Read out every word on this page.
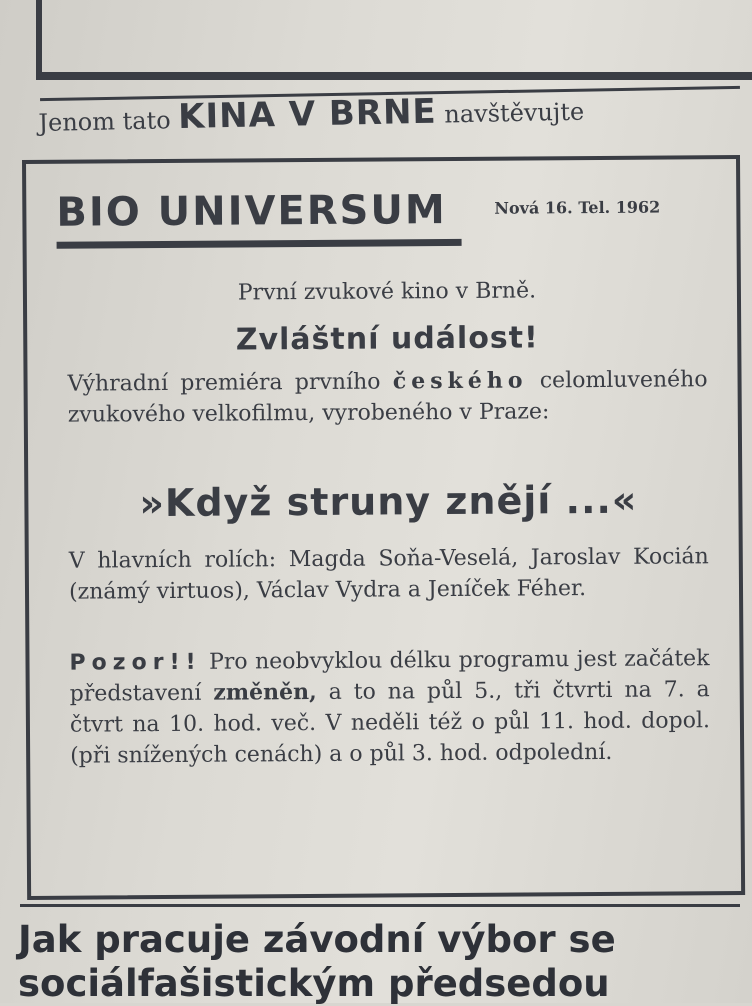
Jenom tato KINA V BRNE navštěvujte
BIO UNIVERSUM	Nová 16. Tel. 1962
První zvukové kino v Brně.
Zvláštní událost!
Výhradní premiéra prvního českého celomluveného zvukového velkofilmu, vyrobeného v Praze:
»Když struny znějí ...«
V hlavních rolích: Magda Soňa-Veselá, Jaroslav Kocián (známý virtuos), Václav Vydra a Jeníček Féher.
Pozor!! Pro neobvyklou délku programu jest začátek představení změněn, a to na půl 5., tři čtvrti na 7. a čtvrt na 10. hod. več. V neděli též o půl 11. hod. dopol. (při snížených cenách) a o půl 3. hod. odpolední.
Jak pracuje závodní výbor se
sociálfašistickým předsedou
